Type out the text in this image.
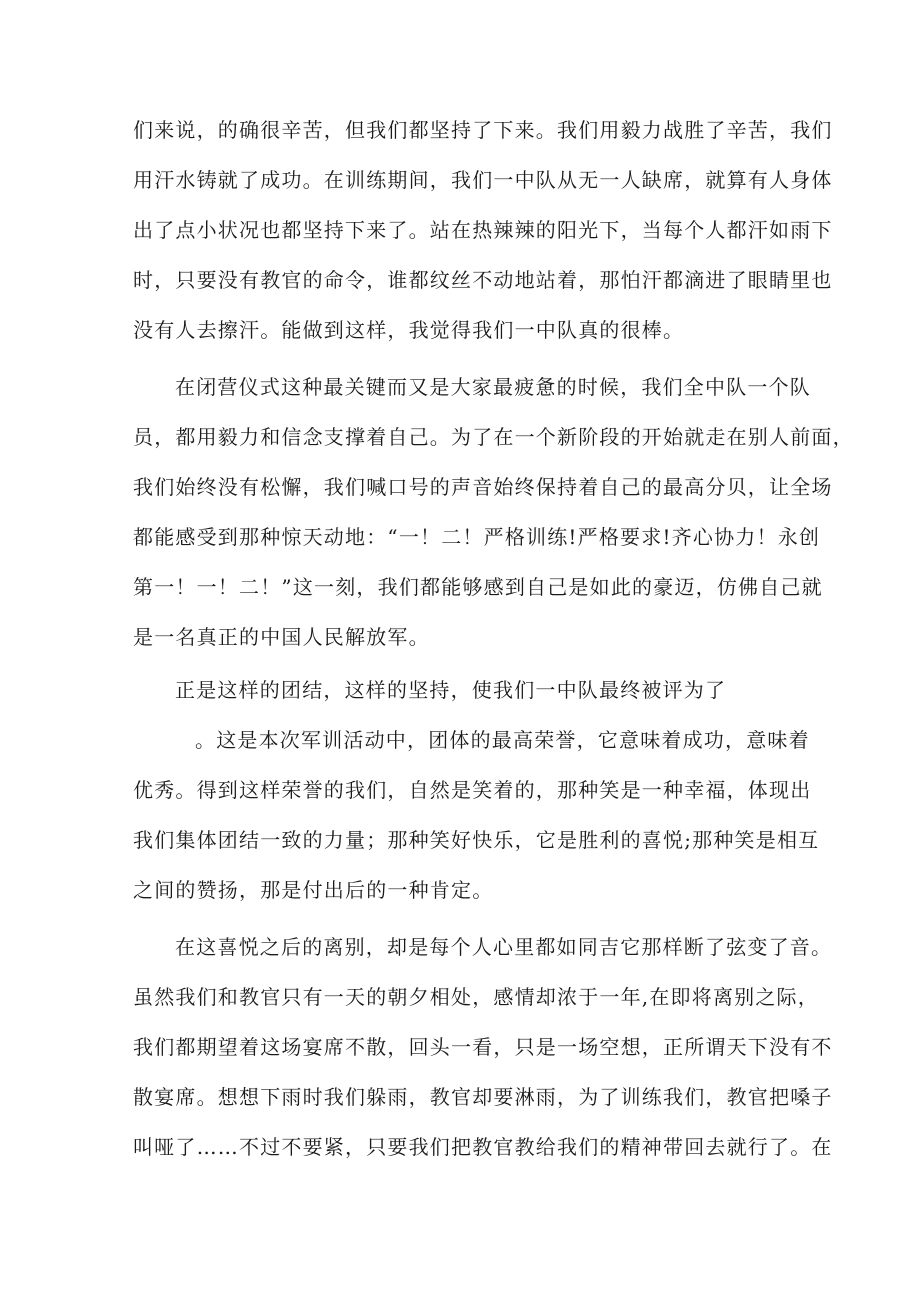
们来说，的确很辛苦，但我们都坚持了下来。我们用毅力战胜了辛苦，我们
用汗水铸就了成功。在训练期间，我们一中队从无一人缺席，就算有人身体
出了点小状况也都坚持下来了。站在热辣辣的阳光下，当每个人都汗如雨下
时，只要没有教官的命令，谁都纹丝不动地站着，那怕汗都滴进了眼睛里也
没有人去擦汗。能做到这样，我觉得我们一中队真的很棒。
在闭营仪式这种最关键而又是大家最疲惫的时候，我们全中队一个队
员，都用毅力和信念支撑着自己。为了在一个新阶段的开始就走在别人前面，
我们始终没有松懈，我们喊口号的声音始终保持着自己的最高分贝，让全场
都能感受到那种惊天动地：“一！二！严格训练!严格要求!齐心协力！永创
第一！一！二！”这一刻，我们都能够感到自己是如此的豪迈，仿佛自己就
是一名真正的中国人民解放军。
正是这样的团结，这样的坚持，使我们一中队最终被评为了
。这是本次军训活动中，团体的最高荣誉，它意味着成功，意味着
优秀。得到这样荣誉的我们，自然是笑着的，那种笑是一种幸福，体现出
我们集体团结一致的力量；那种笑好快乐，它是胜利的喜悦;那种笑是相互
之间的赞扬，那是付出后的一种肯定。
在这喜悦之后的离别，却是每个人心里都如同吉它那样断了弦变了音。
虽然我们和教官只有一天的朝夕相处，感情却浓于一年,在即将离别之际，
我们都期望着这场宴席不散，回头一看，只是一场空想，正所谓天下没有不
散宴席。想想下雨时我们躲雨，教官却要淋雨，为了训练我们，教官把嗓子
叫哑了……不过不要紧，只要我们把教官教给我们的精神带回去就行了。在
